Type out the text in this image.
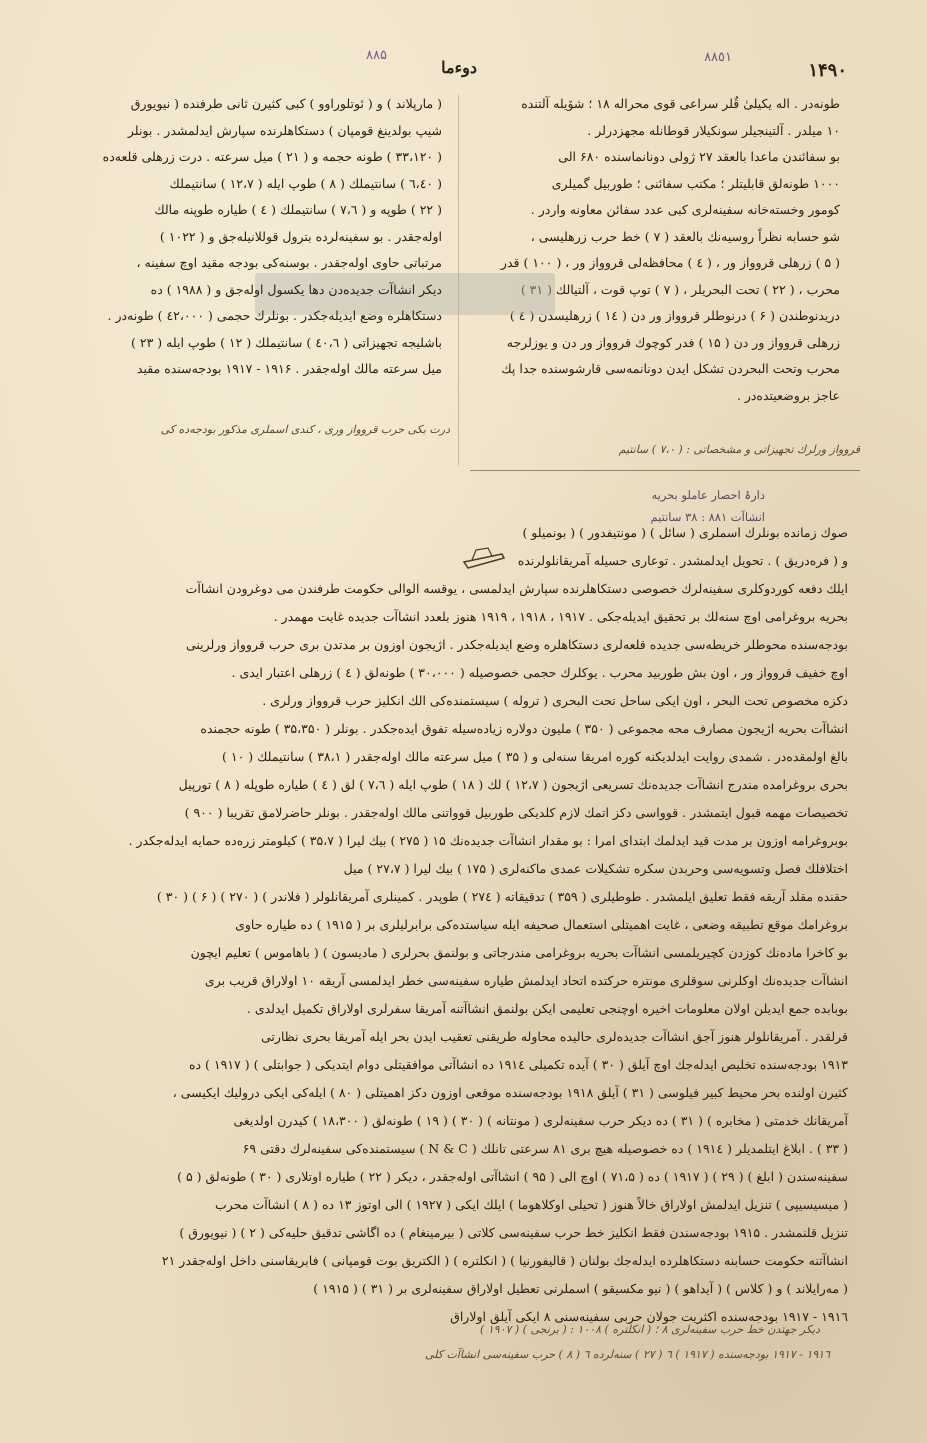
۱۴۹۰
٨٨٥١
دوءما
۸۸۵

طونەدر . الە یکیلیٰ قٌلر سراعی قوی محرالە ۱۸ ؛ شۆیلە آلتندە

۱۰ میلدر . آلتینجیلر سونکیلار قوطانلە مجهزدرلر .

بو سفائندن ماعدا بالعقد ۲۷ ژولی دونانماسندە ۶۸۰ الی

۱۰۰۰ طونەلق قابلیتلر ؛ مکتب سفائنی ؛ طوربیل گمیلری

کومور وخستەخانە سفینەلری کبی عدد سفائن معاونە واردر .

شو حسابە نظراً روسیەنك بالعقد ( ۷ ) خط حرب زرهلیسی ،

( ۵ ) زرهلی قروواز ور ، ( ٤ ) محافظەلی قروواز ور ، ( ۱۰۰ ) قدر

محرب ، ( ۲۲ ) تحت البحریلر ، ( ۷ ) توپ قوت ، آلتیالك ( ۳۱ )

دریدنوطندن ( ۶ ) درنوطلر قروواز ور دن ( ۱٤ ) زرهلیسدن ( ٤ )

زرهلی قروواز ور دن ( ۱۵ ) فدر کوچوك قروواز ور دن و یوزلرجە

محرب وتحت البحردن تشکل ایدن دونانمەسی قارشوسندە جدا پك

عاجز بروضعیتدەدر .

( مارپلاند ) و ( ئوتلوراوو ) کبی کثیرن ثانی طرفندە ( نیویورق

شیپ بولدینغ قومپان ) دستکاهلرندە سپارش ایدلمشدر . بونلر

( ۳۳،۱۲۰ ) طونە حجمە و ( ۲۱ ) میل سرعتە . درت زرهلی قلعەدە

( ٤۰،٦ ) سانتیملك ( ۸ ) طوپ ایلە ( ۱۲،۷ ) سانتیملك

( ۲۲ ) طوپە و ( ۷،٦ ) سانتیملك ( ٤ ) طیارە طوپنە مالك

اولەجقدر . بو سفینەلردە بترول قوللانیلەجق و ( ۱۰۲۲ )

مرتباتی حاوی اولەجقدر . بوسنەکی بودجە مقید اوچ سفینە ،

دیکر انشاآت جدیدەدن دها یکسول اولەجق و ( ۱۹۸۸ ) دە

دستکاهلرە وضع ایدیلەجکدر . بونلرك حجمی ( ٤۲،۰۰۰ ) طونەدر .

باشلیجە تجهیزاتی ( ٤۰،٦ ) سانتیملك ( ۱۲ ) طوپ ایلە ( ۲۳ )

میل سرعتە مالك اولەجقدر . ۱۹۱۶ - ۱۹۱۷ بودجەسندە مقید

درت بکی حرب قروواز وری ، کندی اسملری مذکور بودجەدە کی
قروواز ورلرك تجهیزاتی و مشخصاتی : ( ۷،۰ ) سانتیم
دارۂ احصار عاملو بحریە
انشاآت ۸۸۱ : ۳۸ سانتیم

صوك زماندە بونلرك اسملری ( سائل ) ( مونتیفدور ) ( بونمیلو )

و ( فرەدریق ) . تحویل ایدلمشدر . توعاری حسیلە آمریقانلولرندە

ایلك دفعە کوردوکلری سفینەلرك خصوصی دستکاهلرندە سپارش ایدلمسی ، یوقسە الوالی حکومت طرفندن می دوغرودن انشاآت

بحریە بروغرامی اوچ سنەلك بر تحقیق ایدیلەجکی . ۱۹۱۷ ، ۱۹۱۸ ، ۱۹۱۹ هنوز بلعدد انشاآت جدیدە غایت مهمدر .

بودجەسندە محوطلر خریطەسی جدیدە قلعەلری دستکاهلرە وضع ایدیلەجکدر . اژیجون اوزون بر مدتدن بری حرب قروواز ورلرینی

اوچ خفیف قروواز ور ، اون بش طوربید محرب . یوکلرك حجمی خصوصیلە ( ۳۰،۰۰۰ ) طونەلق ( ٤ ) زرهلی اعتبار ایدی .

دکزە مخصوص تحت البحر ، اون ایکی ساحل تحت البحری ( ترولە ) سیستمندەکی الك انکلیز حرب قروواز ورلری .

انشاآت بحریە اژیجون مصارف محە مجموعی ( ۳۵۰ ) ملیون دولارە زیادەسیلە تفوق ایدەجکدر . بونلر ( ۳۵،۳۵۰ ) طونە حجمندە

بالغ اولمقدەدر . شمدی روایت ایدلدیکنە کورە امریقا سنەلی و ( ۳۵ ) میل سرعتە مالك اولەجقدر ( ۳۸،۱ ) سانتیملك ( ۱۰ )

بحری بروغرامدە مندرج انشاآت جدیدەنك تسریعی اژیجون ( ۱۲،۷ ) لك ( ۱۸ ) طوپ ایلە ( ۷،٦ ) لق ( ٤ ) طیارە طوپلە ( ۸ ) تورپیل

تخصیصات مهمە قبول ایتمشدر . قوواسی دکز اتمك لازم کلدیکی طوربیل قوواتنی مالك اولەجقدر . بونلر حاضرلامق تقریبا ( ۹۰۰ )

بوبروغرامە اوزون بر مدت قید ایدلمك ابتدای امرا : بو مقدار انشاآت جدیدەنك ۱۵ ( ۲۷۵ ) بیك لیرا ( ۳۵،۷ ) کیلومتر زرەدە حمایە ایدلەجکدر .

اختلافلك فصل وتسویەسی وحربدن سکرە تشکیلات عمدی ماکنەلری ( ۱۷۵ ) بیك لیرا ( ۲۷،۷ ) میل

حقندە مقلد آریقە فقط تعلیق ایلمشدر . طوطیلری ( ۳۵۹ ) تدقیقاتە ( ۲۷٤ ) طوپدر . کمینلری آمریقانلولر ( فلاندر ) ( ۲۷۰ ) ( ۶ ) ( ۳۰ )

بروغرامك موقع تطبیقە وضعی ، غایت اهمیتلی استعمال صحیفە ایلە سیاستدەکی برابرلیلری بر ( ۱۹۱۵ ) دە طیارە حاوی

بو کاخرا مادەنك کوزدن کچیریلمسی انشاآت بحریە بروغرامی مندرجاتی و بولنمق بحرلری ( مادیسون ) ( باهاموس ) تعلیم ایچون

انشاآت جدیدەنك اوکلرنی سوقلری مونترە حرکتدە اتحاد ایدلمش طیارە سفینەسی خطر ایدلمسی آریقە ۱۰ اولاراق قریب بری

بوبابدە جمع ایدیلن اولان معلومات اخیرە اوچنجی تعلیمی ایکن بولنمق انشاآتنە آمریقا سفرلری اولاراق تکمیل ایدلدی .

قرلقدر . آمریقانلولر هنوز آجق انشاآت جدیدەلری حالیدە محاولە طریقنی تعقیب ایدن بحر ایلە آمریقا بحری نظارتی

۱۹۱۳ بودجەسندە تخلیص ایدلەجك اوچ آیلق ( ۳۰ ) آیدە تکمیلی ۱۹۱٤ دە انشاآتی موافقیتلی دوام ایتدیکی ( جوابتلی ) ( ۱۹۱۷ ) دە

کثیرن اولندە بحر محیط کبیر فیلوسی ( ۳۱ ) آیلق ۱۹۱۸ بودجەسندە موقعی اوزون دکز اهمیتلی ( ۸۰ ) ایلەکی ایکی درولیك ایکیسی ،

آمریقانك خدمتی ( مخابرە ) ( ۳۱ ) دە دیکر حرب سفینەلری ( مونتانە ) ( ۳۰ ) ( ۱۹ ) طونەلق ( ۱۸،۳۰۰ ) کیدرن اولدیغی

( ۳۳ ) . ابلاغ ایتلمدیلر ( ۱۹۱٤ ) دە خصوصیلە هیچ بری ۸۱ سرعتی تانلك ( N & C ) سیستمندەکی سفینەلرك دقتی ۶۹

سفینەسندن ( ابلغ ) ( ۲۹ ) ( ۱۹۱۷ ) دە ( ۷۱،۵ ) اوچ الی ( ۹۵ ) انشاآتی اولەجقدر ، دیکر ( ۲۲ ) طیارە اوتلاری ( ۳۰ ) طونەلق ( ۵ )

( میسیسیپی ) تنزیل ایدلمش اولاراق خالاً هنوز ( تحیلی اوکلاهوما ) ایلك ایکی ( ۱۹۲۷ ) الی اوتوز ۱۳ ده ( ۸ ) انشاآت محرب

تنزیل قلنمشدر . ۱۹۱۵ بودجەسندن فقط انکلیز خط حرب سفینەسی کلاتی ( بیرمینغام ) دە اگاشی تدقیق حلیەکی ( ۲ ) ( نیویورق )

انشاآتنە حکومت حسابنە دستکاهلردە ایدلەجك بولنان ( قالیفورنیا ) ( انکلتره ) ( الکتریق بوت قومپانی ) فابریقاسنی داخل اولەجقدر ۲۱

( مەرایلاند ) و ( کلاس ) ( آیداهو ) ( نیو مکسیقو ) اسملرنی تعطیل اولاراق سفینەلری بر ( ۳۱ ) ( ۱۹۱۵ )

۱۹۱٦ - ۱۹۱۷ بودجەسندە اکثریت جولان حربی سفینەسنی ۸ ایکی آیلق اولاراق

دیکر جهتدن خط حرب سفینەلری ۸ ؛ ( انکلتره ) ۱۰۰۸ : ( برنجی ) ( ۱۹۰۷ )
۱۹۱٦ - ۱۹۱۷ بودجەسندە ( ۱۹۱۷ ) ٦ ( ۲۷ ) سنەلرده ٦ ( ۸ ) حرب سفینەسی انشاآت کلی
